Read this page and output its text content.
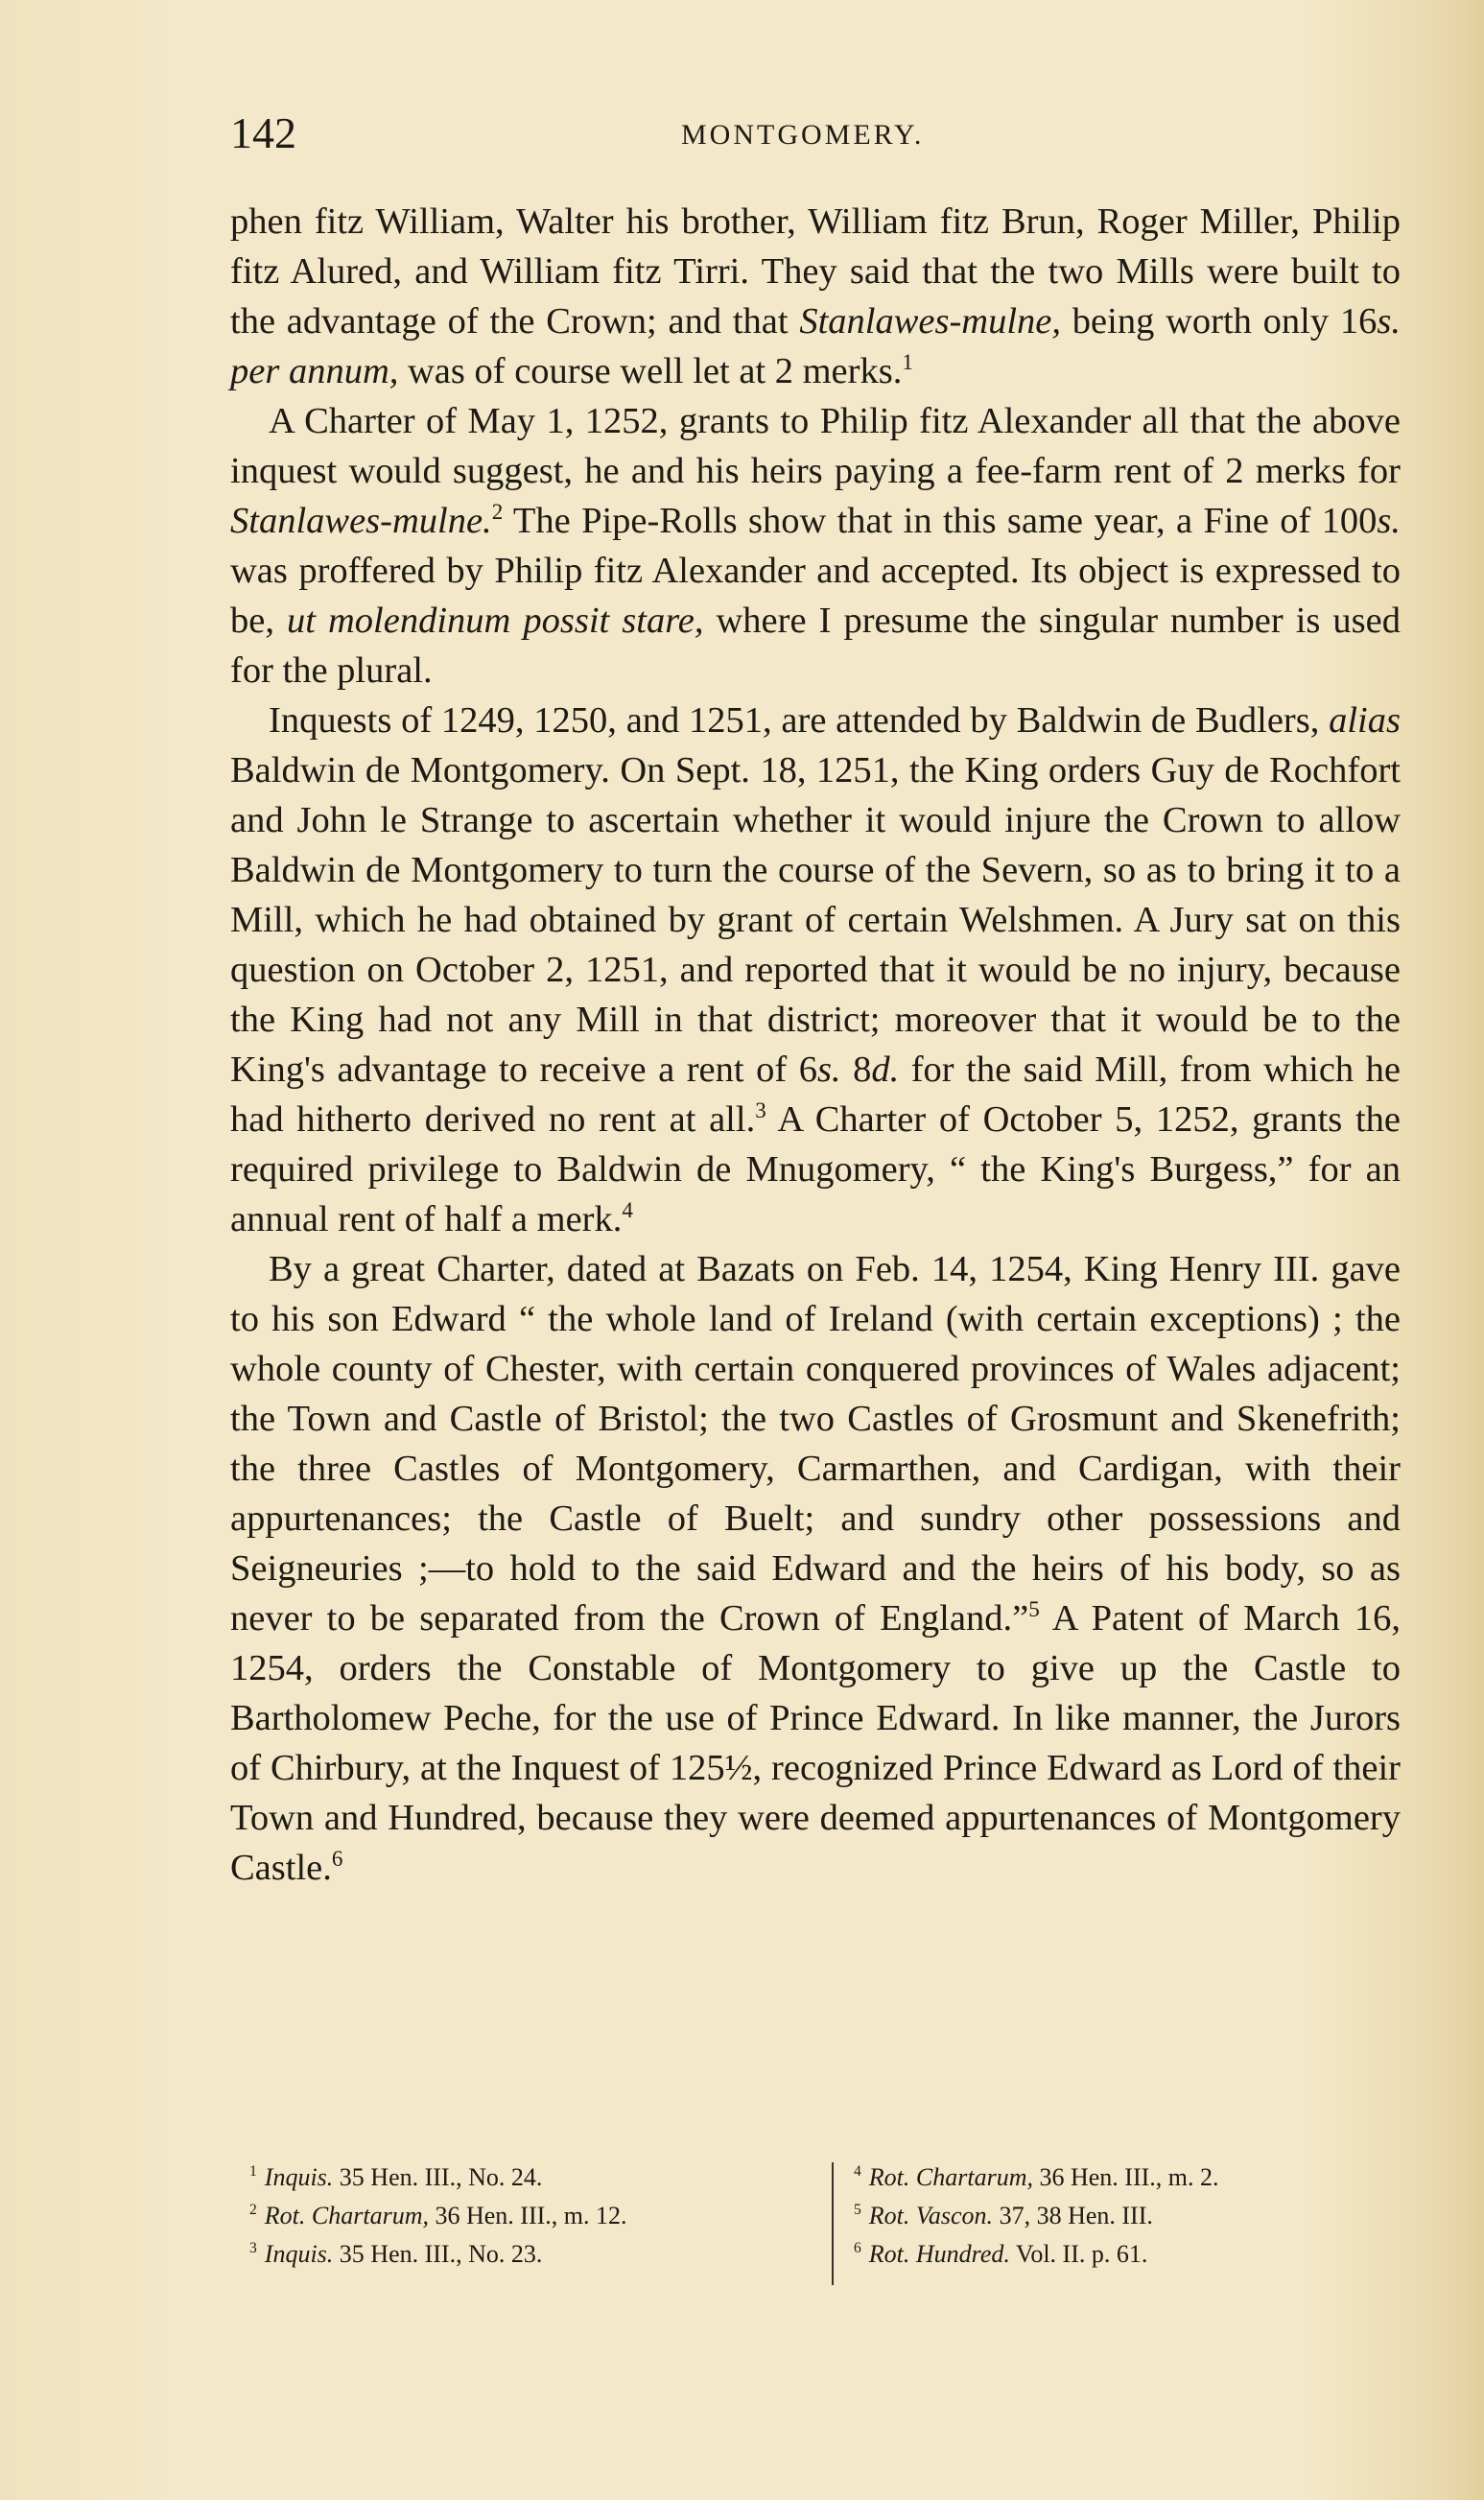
142	MONTGOMERY.

phen fitz William, Walter his brother, William fitz Brun, Roger Miller, Philip fitz Alured, and William fitz Tirri. They said that the two Mills were built to the advantage of the Crown; and that Stanlawes-mulne, being worth only 16s. per annum, was of course well let at 2 merks.$^1$

A Charter of May 1, 1252, grants to Philip fitz Alexander all that the above inquest would suggest, he and his heirs paying a fee-farm rent of 2 merks for Stanlawes-mulne.$^2$ The Pipe-Rolls show that in this same year, a Fine of 100s. was proffered by Philip fitz Alexander and accepted. Its object is expressed to be, ut molendinum possit stare, where I presume the singular number is used for the plural.

Inquests of 1249, 1250, and 1251, are attended by Baldwin de Budlers, alias Baldwin de Montgomery. On Sept. 18, 1251, the King orders Guy de Rochfort and John le Strange to ascertain whether it would injure the Crown to allow Baldwin de Montgomery to turn the course of the Severn, so as to bring it to a Mill, which he had obtained by grant of certain Welshmen. A Jury sat on this question on October 2, 1251, and reported that it would be no injury, because the King had not any Mill in that district; moreover that it would be to the King's advantage to receive a rent of 6s. 8d. for the said Mill, from which he had hitherto derived no rent at all.$^3$ A Charter of October 5, 1252, grants the required privilege to Baldwin de Mnugomery, “ the King's Burgess,” for an annual rent of half a merk.$^4$

By a great Charter, dated at Bazats on Feb. 14, 1254, King Henry III. gave to his son Edward “ the whole land of Ireland (with certain exceptions) ; the whole county of Chester, with certain conquered provinces of Wales adjacent; the Town and Castle of Bristol; the two Castles of Grosmunt and Skenefrith; the three Castles of Montgomery, Carmarthen, and Cardigan, with their appurtenances; the Castle of Buelt; and sundry other possessions and Seigneuries ;—to hold to the said Edward and the heirs of his body, so as never to be separated from the Crown of England.”$^5$ A Patent of March 16, 1254, orders the Constable of Montgomery to give up the Castle to Bartholomew Peche, for the use of Prince Edward. In like manner, the Jurors of Chirbury, at the Inquest of 125½, recognized Prince Edward as Lord of their Town and Hundred, because they were deemed appurtenances of Montgomery Castle.$^6$

$^1$ Inquis. 35 Hen. III., No. 24.
$^2$ Rot. Chartarum, 36 Hen. III., m. 12.
$^3$ Inquis. 35 Hen. III., No. 23.
$^4$ Rot. Chartarum, 36 Hen. III., m. 2.
$^5$ Rot. Vascon. 37, 38 Hen. III.
$^6$ Rot. Hundred. Vol. II. p. 61.
